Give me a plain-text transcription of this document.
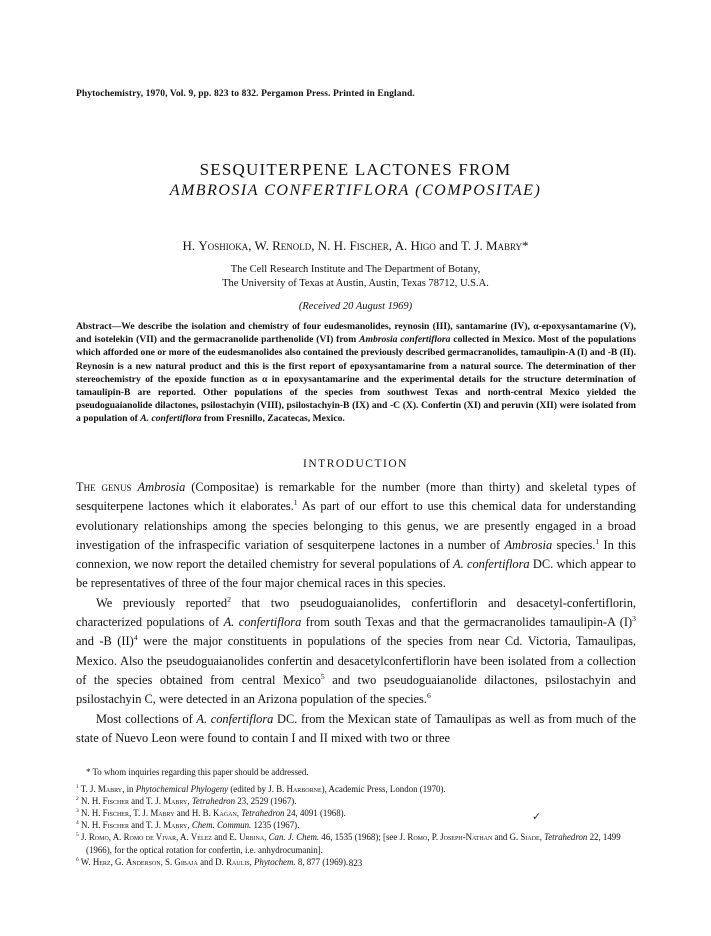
Phytochemistry, 1970, Vol. 9, pp. 823 to 832. Pergamon Press. Printed in England.
SESQUITERPENE LACTONES FROM
AMBROSIA CONFERTIFLORA (COMPOSITAE)
H. Yoshioka, W. Renold, N. H. Fischer, A. Higo and T. J. Mabry*
The Cell Research Institute and The Department of Botany,
The University of Texas at Austin, Austin, Texas 78712, U.S.A.
(Received 20 August 1969)

Abstract—We describe the isolation and chemistry of four eudesmanolides, reynosin (III), santamarine (IV), α-epoxysantamarine (V), and isotelekin (VII) and the germacranolide parthenolide (VI) from Ambrosia confertiflora collected in Mexico. Most of the populations which afforded one or more of the eudesmanolides also contained the previously described germacranolides, tamaulipin-A (I) and -B (II). Reynosin is a new natural product and this is the first report of epoxysantamarine from a natural source. The determination of ther stereochemistry of the epoxide function as α in epoxysantamarine and the experimental details for the structure determination of tamaulipin-B are reported. Other populations of the species from southwest Texas and north-central Mexico yielded the pseudoguaianolide dilactones, psilostachyin (VIII), psilostachyin-B (IX) and -C (X). Confertin (XI) and peruvin (XII) were isolated from a population of A. confertiflora from Fresnillo, Zacatecas, Mexico.

INTRODUCTION

The genus Ambrosia (Compositae) is remarkable for the number (more than thirty) and skeletal types of sesquiterpene lactones which it elaborates.$^1$ As part of our effort to use this chemical data for understanding evolutionary relationships among the species belonging to this genus, we are presently engaged in a broad investigation of the infraspecific variation of sesquiterpene lactones in a number of Ambrosia species.$^1$ In this connexion, we now report the detailed chemistry for several populations of A. confertiflora DC. which appear to be representatives of three of the four major chemical races in this species.

We previously reported$^2$ that two pseudoguaianolides, confertiflorin and desacetyl-confertiflorin, characterized populations of A. confertiflora from south Texas and that the germacranolides tamaulipin-A $(I)^3$ and -B (II)$^4$ were the major constituents in populations of the species from near Cd. Victoria, Tamaulipas, Mexico. Also the pseudoguaianolides confertin and desacetylconfertiflorin have been isolated from a collection of the species obtained from central Mexico$^5$ and two pseudoguaianolide dilactones, psilostachyin and psilostachyin C, were detected in an Arizona population of the species.$^6$

Most collections of A. confertiflora DC. from the Mexican state of Tamaulipas as well as from much of the state of Nuevo Leon were found to contain I and II mixed with two or three

* To whom inquiries regarding this paper should be addressed.

$^1$ T. J. Mabry, in Phytochemical Phylogeny (edited by J. B. Harborne), Academic Press, London (1970).

$^2$ N. H. Fischer and T. J. Mabry, Tetrahedron 23, 2529 (1967).

$^3$ N. H. Fischer, T. J. Mabry and H. B. Kagan, Tetrahedron 24, 4091 (1968).

$^4$ N. H. Fischer and T. J. Mabry, Chem. Commun. 1235 (1967).

$^5$ J. Romo, A. Romo de Vivar, A. Vélez and E. Urbina, Can. J. Chem. 46, 1535 (1968); [see J. Romo, P. Joseph-Nathan and G. Siade, Tetrahedron 22, 1499 (1966), for the optical rotation for confertin, i.e. anhydrocumanin].

$^6$ W. Herz, G. Anderson, S. Gibaja and D. Raulis, Phytochem. 8, 877 (1969).

✓
823
